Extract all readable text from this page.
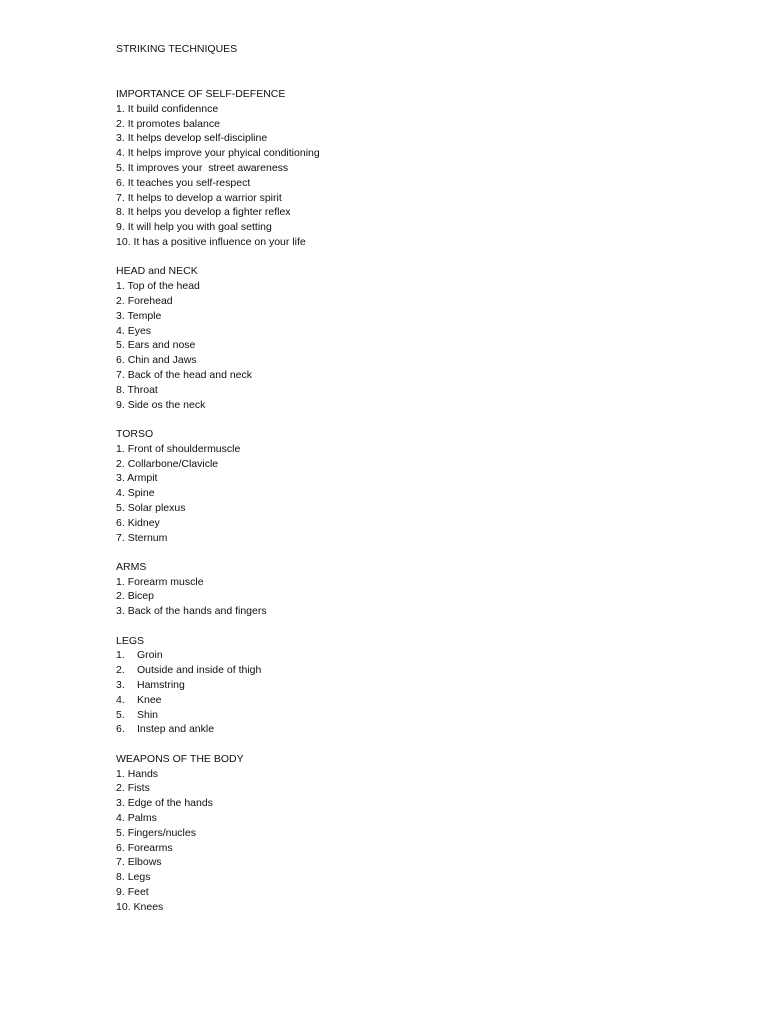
STRIKING TECHNIQUES
IMPORTANCE OF SELF-DEFENCE
1. It build confidennce
2. It promotes balance
3. It helps develop self-discipline
4. It helps improve your phyical conditioning
5. It improves your  street awareness
6. It teaches you self-respect
7. It helps to develop a warrior spirit
8. It helps you develop a fighter reflex
9. It will help you with goal setting
10. It has a positive influence on your life
HEAD and NECK
1. Top of the head
2. Forehead
3. Temple
4. Eyes
5. Ears and nose
6. Chin and Jaws
7. Back of the head and neck
8. Throat
9. Side os the neck
TORSO
1. Front of shouldermuscle
2. Collarbone/Clavicle
3. Armpit
4. Spine
5. Solar plexus
6. Kidney
7. Sternum
ARMS
1. Forearm muscle
2. Bicep
3. Back of the hands and fingers
LEGS
1. Groin
2. Outside and inside of thigh
3. Hamstring
4. Knee
5. Shin
6. Instep and ankle
WEAPONS OF THE BODY
1. Hands
2. Fists
3. Edge of the hands
4. Palms
5. Fingers/nucles
6. Forearms
7. Elbows
8. Legs
9. Feet
10. Knees
